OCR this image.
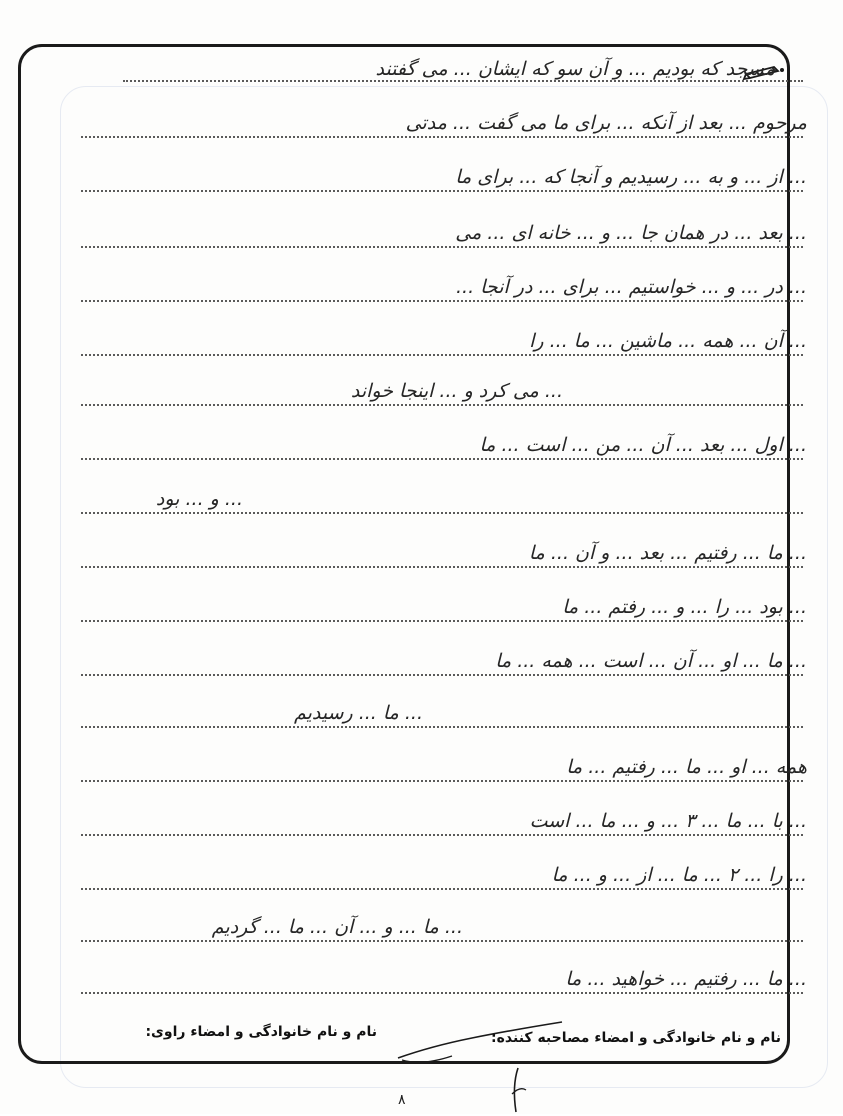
مسجد که بودیم ... و آن سو که ایشان ... می گفتند
مرحوم ... بعد از آنکه ... برای ما می گفت ... مدتی
... از ... و به ... رسیدیم و آنجا که ... برای ما
... بعد ... در همان جا ... و ... خانه ای ... می
... در ... و ... خواستیم ... برای ... در آنجا ...
... آن ... همه ... ماشین ... ما ... را
... می کرد و ... اینجا خواند
... اول ... بعد ... آن ... من ... است ... ما
... و ... بود
... ما ... رفتیم ... بعد ... و آن ... ما
... بود ... را ... و ... رفتم ... ما
... ما ... او ... آن ... است ... همه ... ما
... ما ... رسیدیم
همه ... او ... ما ... رفتیم ... ما
... با ... ما ... ۳ ... و ... ما ... است
... را ... ۲ ... ما ... از ... و ... ما
... ما ... و ... آن ... ما ... گردیم
... ما ... رفتیم ... خواهید ... ما
نام و نام خانوادگی و امضاء مصاحبه کننده:
نام و نام خانوادگی و امضاء راوی:
۸
